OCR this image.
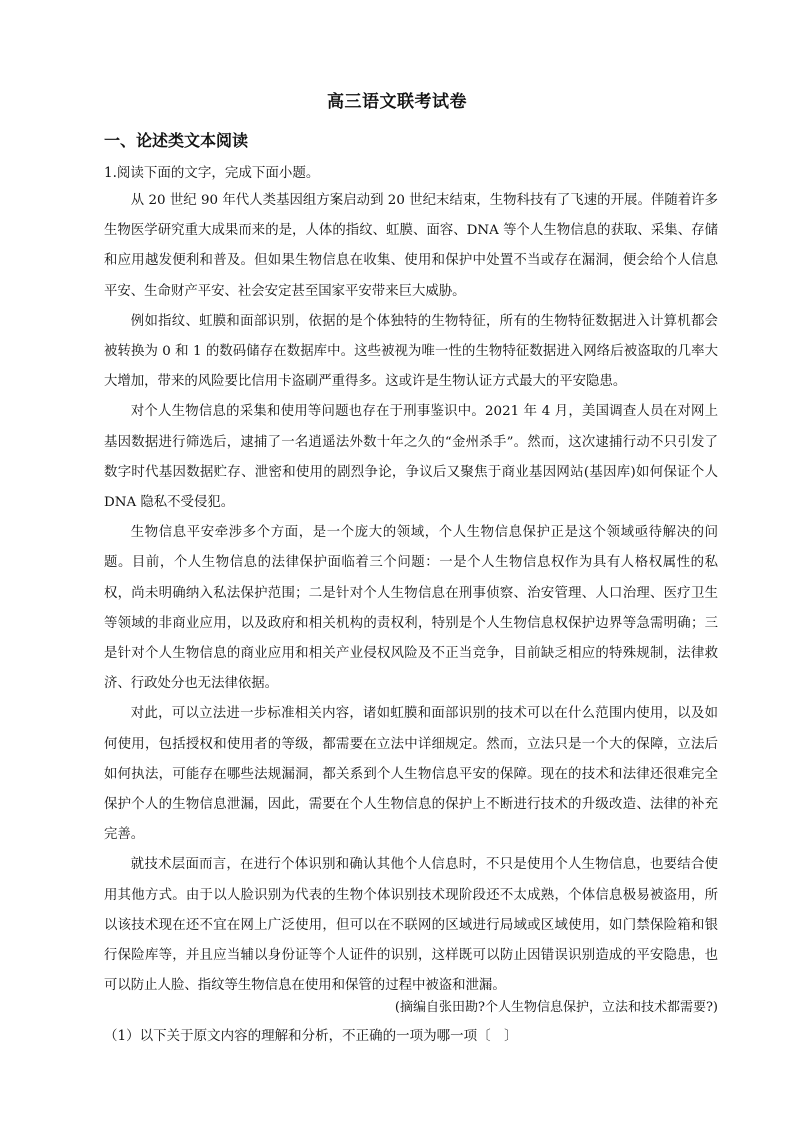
高三语文联考试卷
一、论述类文本阅读
1.阅读下面的文字，完成下面小题。

从 20 世纪 90 年代人类基因组方案启动到 20 世纪末结束，生物科技有了飞速的开展。伴随着许多生物医学研究重大成果而来的是，人体的指纹、虹膜、面容、DNA 等个人生物信息的获取、采集、存储和应用越发便利和普及。但如果生物信息在收集、使用和保护中处置不当或存在漏洞，便会给个人信息平安、生命财产平安、社会安定甚至国家平安带来巨大威胁。

例如指纹、虹膜和面部识别，依据的是个体独特的生物特征，所有的生物特征数据进入计算机都会被转换为 0 和 1 的数码储存在数据库中。这些被视为唯一性的生物特征数据进入网络后被盗取的几率大大增加，带来的风险要比信用卡盗刷严重得多。这或许是生物认证方式最大的平安隐患。

对个人生物信息的采集和使用等问题也存在于刑事鉴识中。2021 年 4 月，美国调查人员在对网上基因数据进行筛选后，逮捕了一名逍遥法外数十年之久的“金州杀手”。然而，这次逮捕行动不只引发了数字时代基因数据贮存、泄密和使用的剧烈争论，争议后又聚焦于商业基因网站(基因库)如何保证个人 DNA 隐私不受侵犯。

生物信息平安牵涉多个方面，是一个庞大的领域，个人生物信息保护正是这个领域亟待解决的问题。目前，个人生物信息的法律保护面临着三个问题：一是个人生物信息权作为具有人格权属性的私权，尚未明确纳入私法保护范围；二是针对个人生物信息在刑事侦察、治安管理、人口治理、医疗卫生等领域的非商业应用，以及政府和相关机构的责权利，特别是个人生物信息权保护边界等急需明确；三是针对个人生物信息的商业应用和相关产业侵权风险及不正当竞争，目前缺乏相应的特殊规制，法律救济、行政处分也无法律依据。

对此，可以立法进一步标准相关内容，诸如虹膜和面部识别的技术可以在什么范围内使用，以及如何使用，包括授权和使用者的等级，都需要在立法中详细规定。然而，立法只是一个大的保障，立法后如何执法，可能存在哪些法规漏洞，都关系到个人生物信息平安的保障。现在的技术和法律还很难完全保护个人的生物信息泄漏，因此，需要在个人生物信息的保护上不断进行技术的升级改造、法律的补充完善。

就技术层面而言，在进行个体识别和确认其他个人信息时，不只是使用个人生物信息，也要结合使用其他方式。由于以人脸识别为代表的生物个体识别技术现阶段还不太成熟，个体信息极易被盗用，所以该技术现在还不宜在网上广泛使用，但可以在不联网的区域进行局域或区域使用，如门禁保险箱和银行保险库等，并且应当辅以身份证等个人证件的识别，这样既可以防止因错误识别造成的平安隐患，也可以防止人脸、指纹等生物信息在使用和保管的过程中被盗和泄漏。

(摘编自张田勘?个人生物信息保护，立法和技术都需要?)
（1）以下关于原文内容的理解和分析，不正确的一项为哪一项〔　〕
